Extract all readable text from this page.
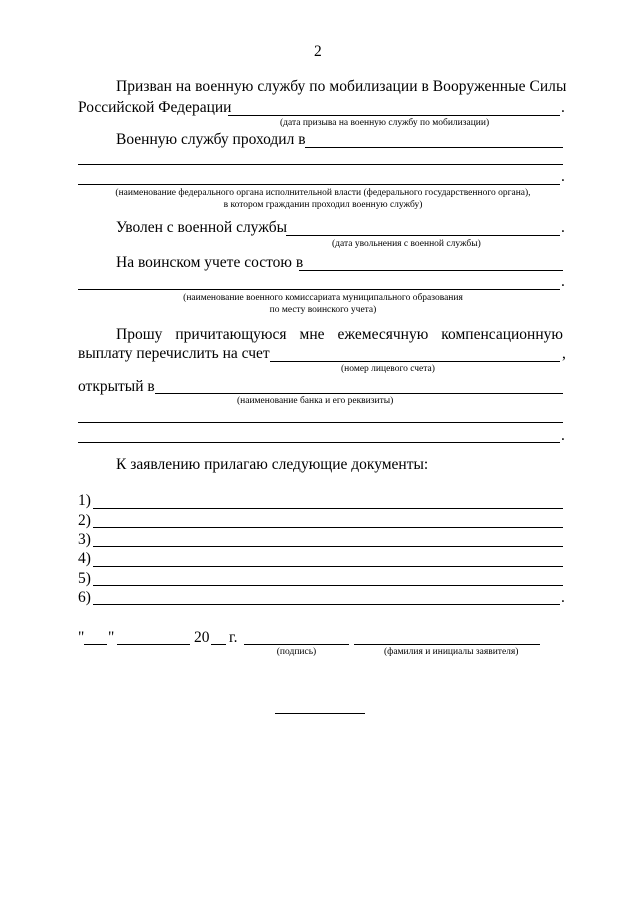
2
Призван на военную службу по мобилизации в Вооруженные Силы
Российской Федерации	.
(дата призыва на военную службу по мобилизации)
Военную службу проходил в
.
(наименование федерального органа исполнительной власти (федерального государственного органа),
в котором гражданин проходил военную службу)
Уволен с военной службы	.
(дата увольнения с военной службы)
На воинском учете состою в
.
(наименование военного комиссариата муниципального образования
по месту воинского учета)
Прошу причитающуюся мне ежемесячную компенсационную
выплату перечислить на счет	,
(номер лицевого счета)
открытый в
(наименование банка и его реквизиты)
.
К заявлению прилагаю следующие документы:
1)
2)
3)
4)
5)
6)	.
" "	20 г.
(подпись)	(фамилия и инициалы заявителя)
